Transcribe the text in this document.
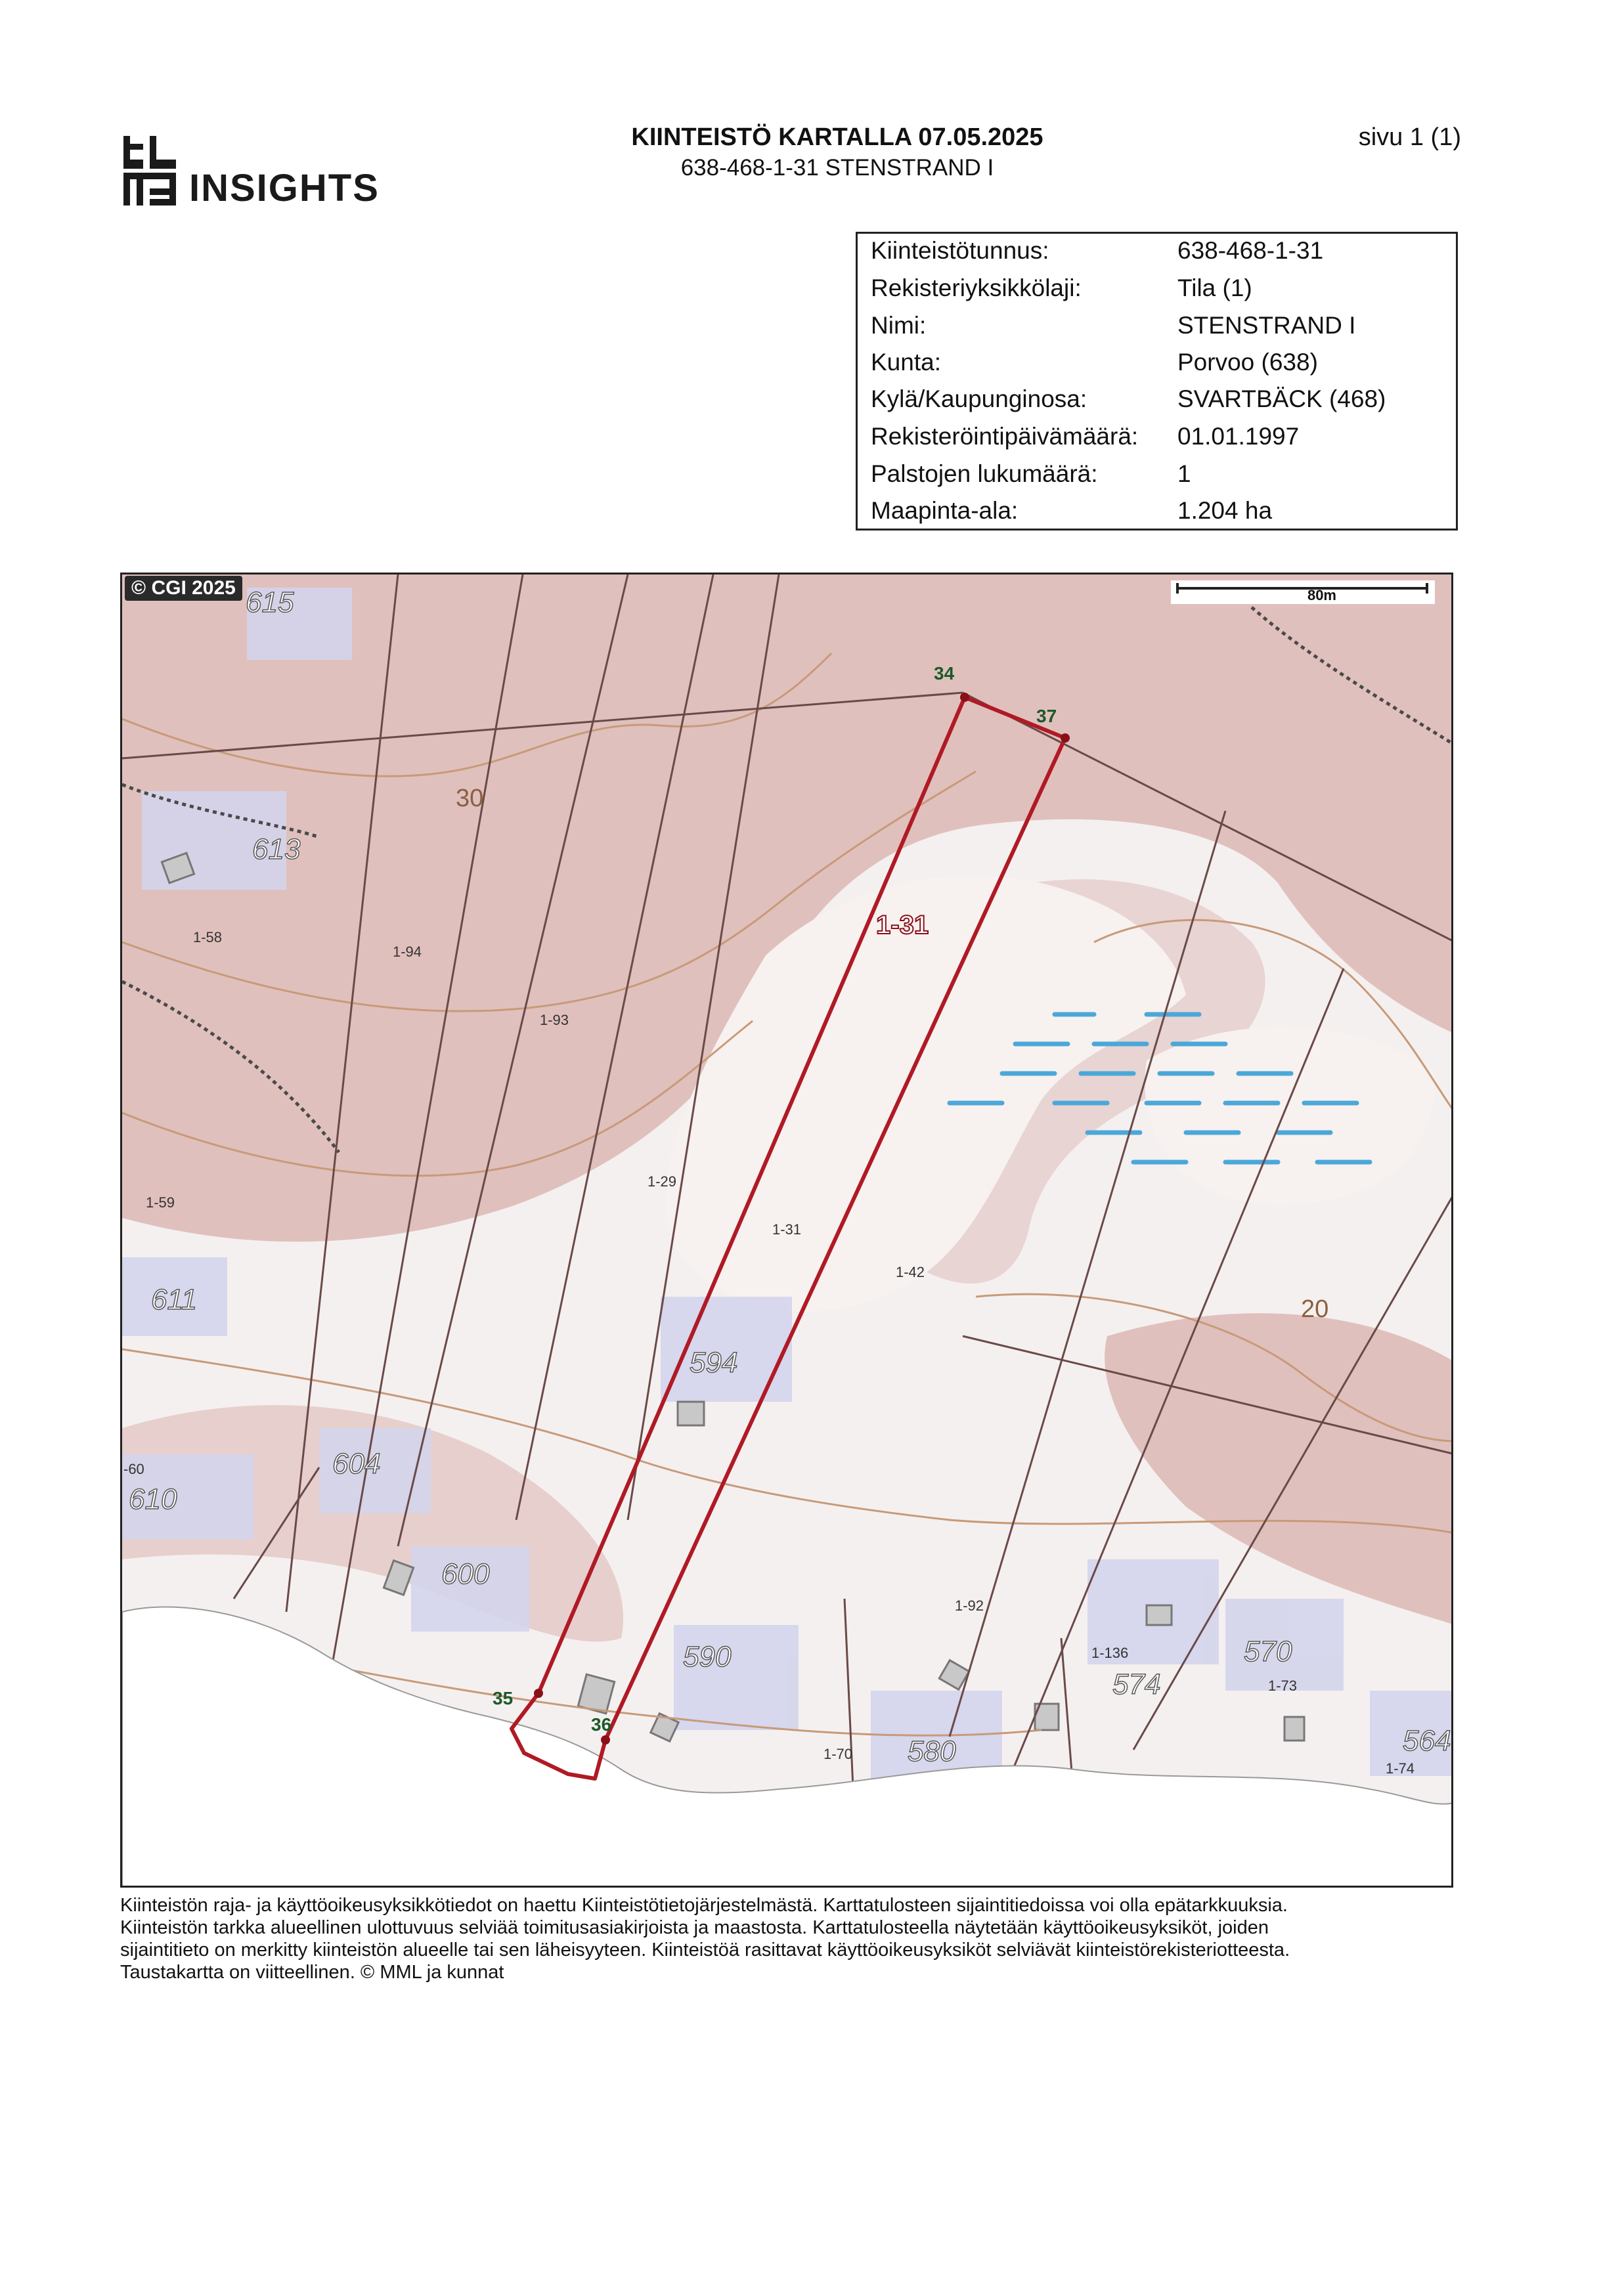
INSIGHTS
KIINTEISTÖ KARTALLA 07.05.2025
638-468-1-31 STENSTRAND I
sivu 1 (1)
Kiinteistötunnus:	638-468-1-31
Rekisteriyksikkölaji:	Tila (1)
Nimi:	STENSTRAND I
Kunta:	Porvoo (638)
Kylä/Kaupunginosa:	SVARTBÄCK (468)
Rekisteröintipäivämäärä: 01.01.1997
Palstojen lukumäärä:	1
Maapinta-ala:	1.204 ha
© CGI 2025	80m
1-31
1-94
1-93
1-58
1-29
1-31
1-42
1-59
-60
1-92
1-136
1-73
1-70
1-74
30
20
615
613
611
610
604
600
594
590
580
574
570
564
34
37
35
36

Kiinteistön raja- ja käyttöoikeusyksikkötiedot on haettu Kiinteistötietojärjestelmästä. Karttatulosteen sijaintitiedoissa voi olla epätarkkuuksia.

Kiinteistön tarkka alueellinen ulottuvuus selviää toimitusasiakirjoista ja maastosta. Karttatulosteella näytetään käyttöoikeusyksiköt, joiden

sijaintitieto on merkitty kiinteistön alueelle tai sen läheisyyteen. Kiinteistöä rasittavat käyttöoikeusyksiköt selviävät kiinteistörekisteriotteesta.

Taustakartta on viitteellinen. © MML ja kunnat
